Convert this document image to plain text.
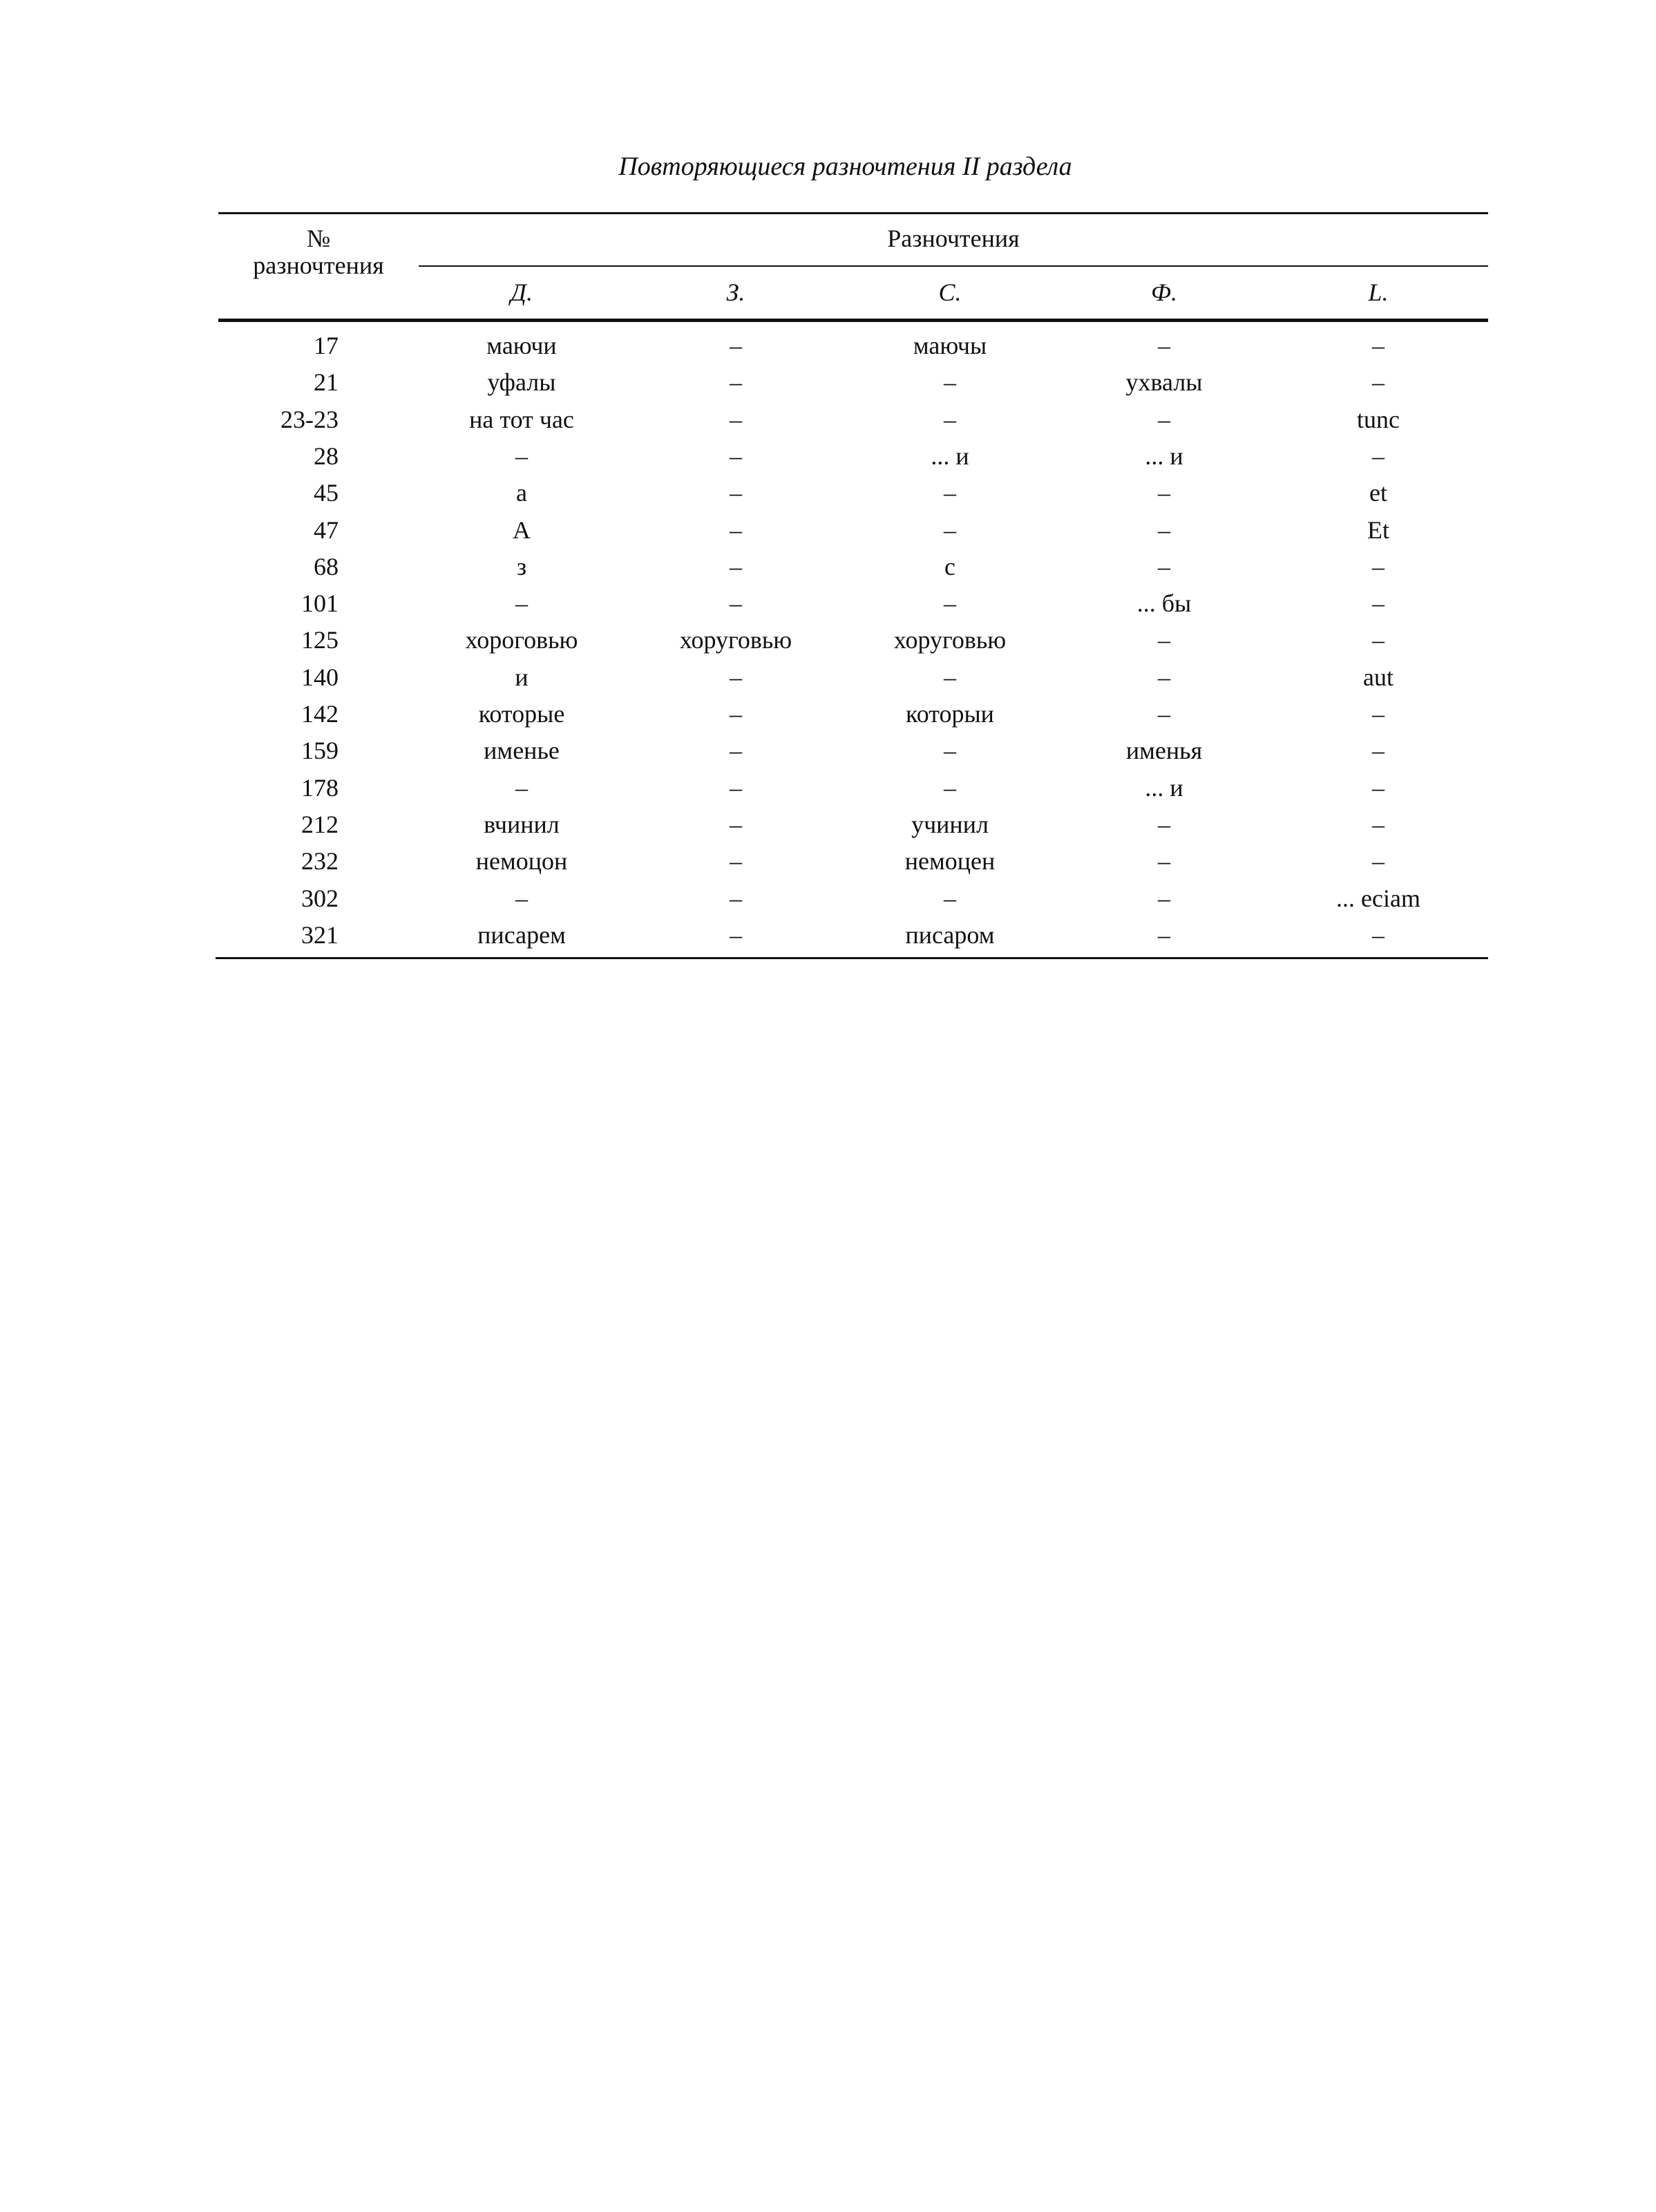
Повторяющиеся разночтения II раздела
№
разночтения
Разночтения
Д.	З.	С.	Ф.	L.
17	маючи	–	маючы	–	–
21	уфалы	–	–	ухвалы	–
23-23	на тот час	–	–	–	tunc
28	–	–	... и	... и	–
45	а	–	–	–	et
47	А	–	–	–	Et
68	з	–	с	–	–
101	–	–	–	... бы	–
125	хороговью	хоруговью	хоруговью	–	–
140	и	–	–	–	aut
142	которые	–	которыи	–	–
159	именье	–	–	именья	–
178	–	–	–	... и	–
212	вчинил	–	учинил	–	–
232	немоцон	–	немоцен	–	–
302	–	–	–	–	... eciam
321	писарем	–	писаром	–	–
